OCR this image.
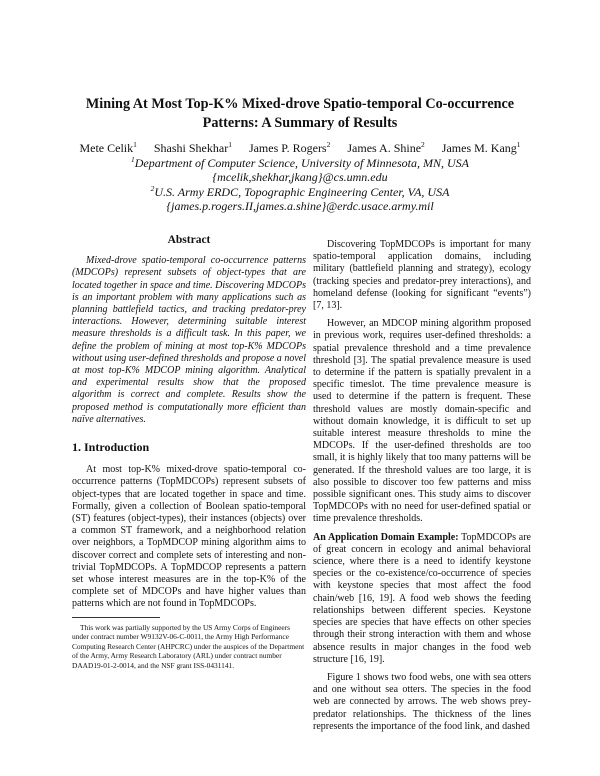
Mining At Most Top-K% Mixed-drove Spatio-temporal Co-occurrence Patterns: A Summary of Results
Mete Celik$^1$ Shashi Shekhar$^1$ James P. Rogers$^2$ James A. Shine$^2$ James M. Kang$^1$
$^1$Department of Computer Science, University of Minnesota, MN, USA
{mcelik,shekhar,jkang}@cs.umn.edu
$^2$U.S. Army ERDC, Topographic Engineering Center, VA, USA
{james.p.rogers.II,james.a.shine}@erdc.usace.army.mil
Abstract

Mixed-drove spatio-temporal co-occurrence patterns (MDCOPs) represent subsets of object-types that are located together in space and time. Discovering MDCOPs is an important problem with many applications such as planning battlefield tactics, and tracking predator-prey interactions. However, determining suitable interest measure thresholds is a difficult task. In this paper, we define the problem of mining at most top-K% MDCOPs without using user-defined thresholds and propose a novel at most top-K% MDCOP mining algorithm. Analytical and experimental results show that the proposed algorithm is correct and complete. Results show the proposed method is computationally more efficient than naïve alternatives.

1. Introduction

At most top-K% mixed-drove spatio-temporal co-occurrence patterns (TopMDCOPs) represent subsets of object-types that are located together in space and time. Formally, given a collection of Boolean spatio-temporal (ST) features (object-types), their instances (objects) over a common ST framework, and a neighborhood relation over neighbors, a TopMDCOP mining algorithm aims to discover correct and complete sets of interesting and non-trivial TopMDCOPs. A TopMDCOP represents a pattern set whose interest measures are in the top-K% of the complete set of MDCOPs and have higher values than patterns which are not found in TopMDCOPs.

This work was partially supported by the US Army Corps of Engineers under contract number W9132V-06-C-0011, the Army High Performance Computing Research Center (AHPCRC) under the auspices of the Department of the Army, Army Research Laboratory (ARL) under contract number DAAD19-01-2-0014, and the NSF grant ISS-0431141.

Discovering TopMDCOPs is important for many spatio-temporal application domains, including military (battlefield planning and strategy), ecology (tracking species and predator-prey interactions), and homeland defense (looking for significant “events”) [7, 13].

However, an MDCOP mining algorithm proposed in previous work, requires user-defined thresholds: a spatial prevalence threshold and a time prevalence threshold [3]. The spatial prevalence measure is used to determine if the pattern is spatially prevalent in a specific timeslot. The time prevalence measure is used to determine if the pattern is frequent. These threshold values are mostly domain-specific and without domain knowledge, it is difficult to set up suitable interest measure thresholds to mine the MDCOPs. If the user-defined thresholds are too small, it is highly likely that too many patterns will be generated. If the threshold values are too large, it is also possible to discover too few patterns and miss possible significant ones. This study aims to discover TopMDCOPs with no need for user-defined spatial or time prevalence thresholds.

An Application Domain Example: TopMDCOPs are of great concern in ecology and animal behavioral science, where there is a need to identify keystone species or the co-existence/co-occurrence of species with keystone species that most affect the food chain/web [16, 19]. A food web shows the feeding relationships between different species. Keystone species are species that have effects on other species through their strong interaction with them and whose absence results in major changes in the food web structure [16, 19].

Figure 1 shows two food webs, one with sea otters and one without sea otters. The species in the food web are connected by arrows. The web shows prey-predator relationships. The thickness of the lines represents the importance of the food link, and dashed
